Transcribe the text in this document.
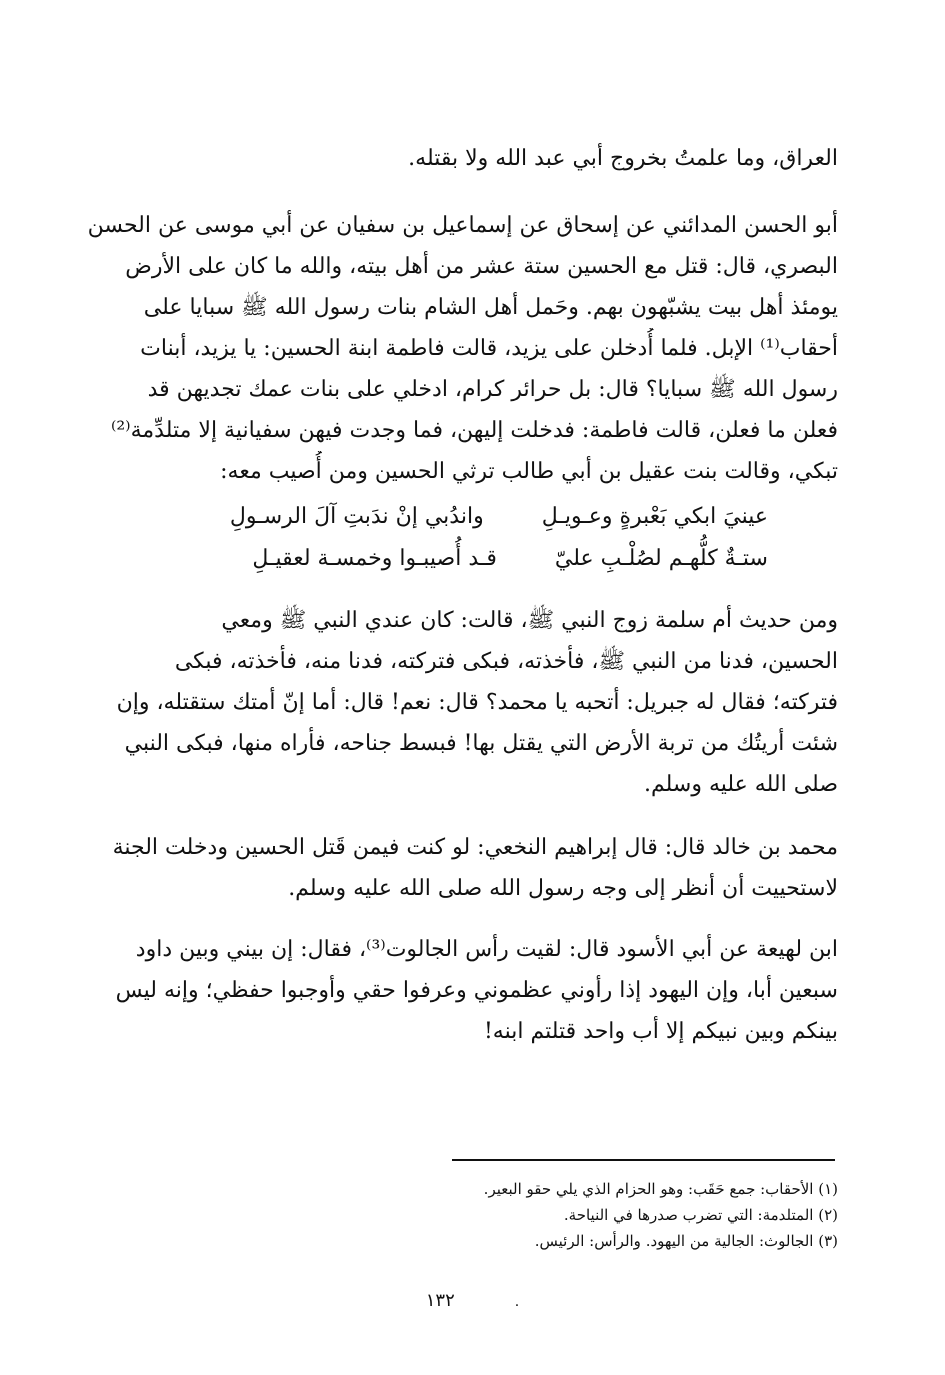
العراق، وما علمتُ بخروج أبي عبد الله ولا بقتله.
أبو الحسن المدائني عن إسحاق عن إسماعيل بن سفيان عن أبي موسى عن الحسن
البصري، قال: قتل مع الحسين ستة عشر من أهل بيته، والله ما كان على الأرض
يومئذ أهل بيت يشبّهون بهم. وحَمل أهل الشام بنات رسول الله ﷺ سبايا على
أحقاب⁽¹⁾ الإبل. فلما أُدخلن على يزيد، قالت فاطمة ابنة الحسين: يا يزيد، أبنات
رسول الله ﷺ سبايا؟ قال: بل حرائر كرام، ادخلي على بنات عمك تجديهن قد
فعلن ما فعلن، قالت فاطمة: فدخلت إليهن، فما وجدت فيهن سفيانية إلا متلدِّمة⁽²⁾
تبكي، وقالت بنت عقيل بن أبي طالب ترثي الحسين ومن أُصيب معه:
عينيَ ابكي بَعْبرةٍ وعـويـلِ
واندُبي إنْ ندَبتِ آلَ الرسـولِ
ستـةٌ كلُّهـم لصُلْـبِ عليّ
قـد أُصيبـوا وخمسـة لعقيـلِ
ومن حديث أم سلمة زوج النبي ﷺ، قالت: كان عندي النبي ﷺ ومعي
الحسين، فدنا من النبي ﷺ، فأخذته، فبكى فتركته، فدنا منه، فأخذته، فبكى
فتركته؛ فقال له جبريل: أتحبه يا محمد؟ قال: نعم! قال: أما إنّ أمتك ستقتله، وإن
شئت أريتُك من تربة الأرض التي يقتل بها! فبسط جناحه، فأراه منها، فبكى النبي
صلى الله عليه وسلم.
محمد بن خالد قال: قال إبراهيم النخعي: لو كنت فيمن قَتل الحسين ودخلت الجنة
لاستحييت أن أنظر إلى وجه رسول الله صلى الله عليه وسلم.
ابن لهيعة عن أبي الأسود قال: لقيت رأس الجالوت⁽³⁾، فقال: إن بيني وبين داود
سبعين أبا، وإن اليهود إذا رأوني عظموني وعرفوا حقي وأوجبوا حفظي؛ وإنه ليس
بينكم وبين نبيكم إلا أب واحد قتلتم ابنه!
(١) الأحقاب: جمع حَقَب: وهو الحزام الذي يلي حقو البعير.
(٢) المتلدمة: التي تضرب صدرها في النياحة.
(٣) الجالوث: الجالية من اليهود. والرأس: الرئيس.
١٣٢	.
